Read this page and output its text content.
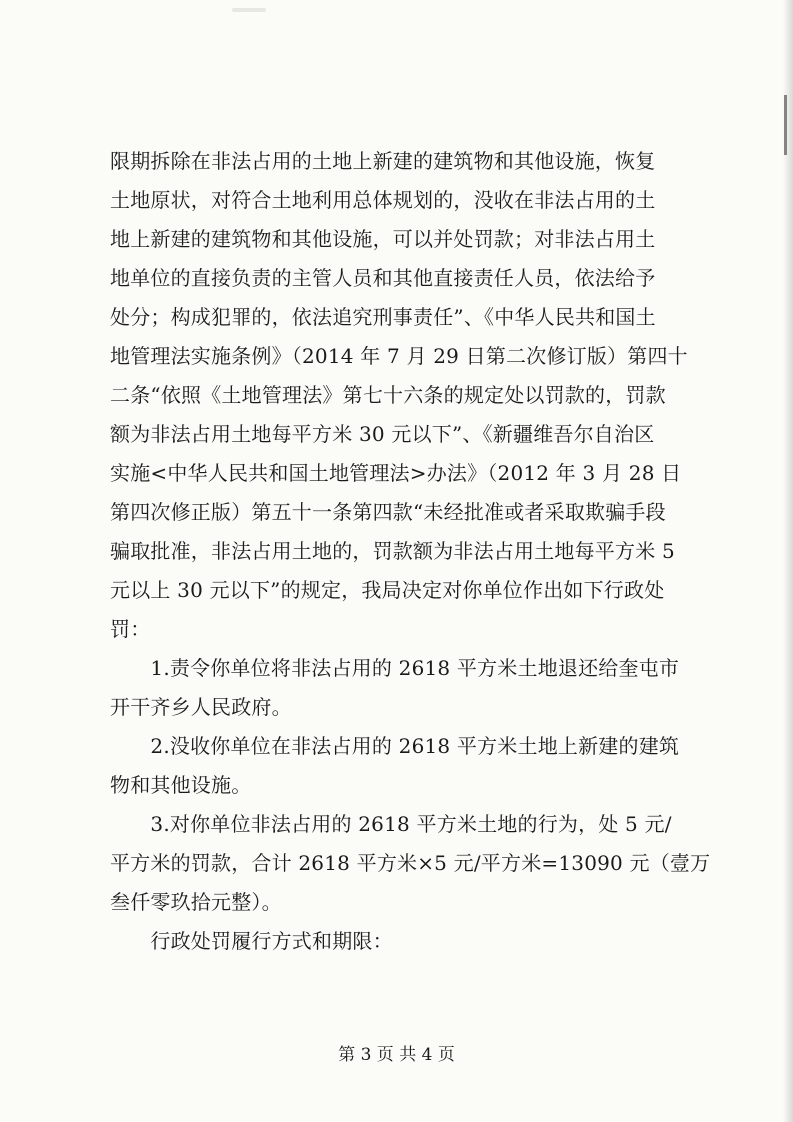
限期拆除在非法占用的土地上新建的建筑物和其他设施，恢复
土地原状，对符合土地利用总体规划的，没收在非法占用的土
地上新建的建筑物和其他设施，可以并处罚款；对非法占用土
地单位的直接负责的主管人员和其他直接责任人员，依法给予
处分；构成犯罪的，依法追究刑事责任”、《中华人民共和国土
地管理法实施条例》（2014 年 7 月 29 日第二次修订版）第四十
二条“依照《土地管理法》第七十六条的规定处以罚款的，罚款
额为非法占用土地每平方米 30 元以下”、《新疆维吾尔自治区
实施<中华人民共和国土地管理法>办法》（2012 年 3 月 28 日
第四次修正版）第五十一条第四款“未经批准或者采取欺骗手段
骗取批准，非法占用土地的，罚款额为非法占用土地每平方米 5
元以上 30 元以下”的规定，我局决定对你单位作出如下行政处
罚：
　　1.责令你单位将非法占用的 2618 平方米土地退还给奎屯市
开干齐乡人民政府。
　　2.没收你单位在非法占用的 2618 平方米土地上新建的建筑
物和其他设施。
　　3.对你单位非法占用的 2618 平方米土地的行为，处 5 元/
平方米的罚款，合计 2618 平方米×5 元/平方米=13090 元（壹万
叁仟零玖拾元整）。
　　行政处罚履行方式和期限：
第 3 页 共 4 页
